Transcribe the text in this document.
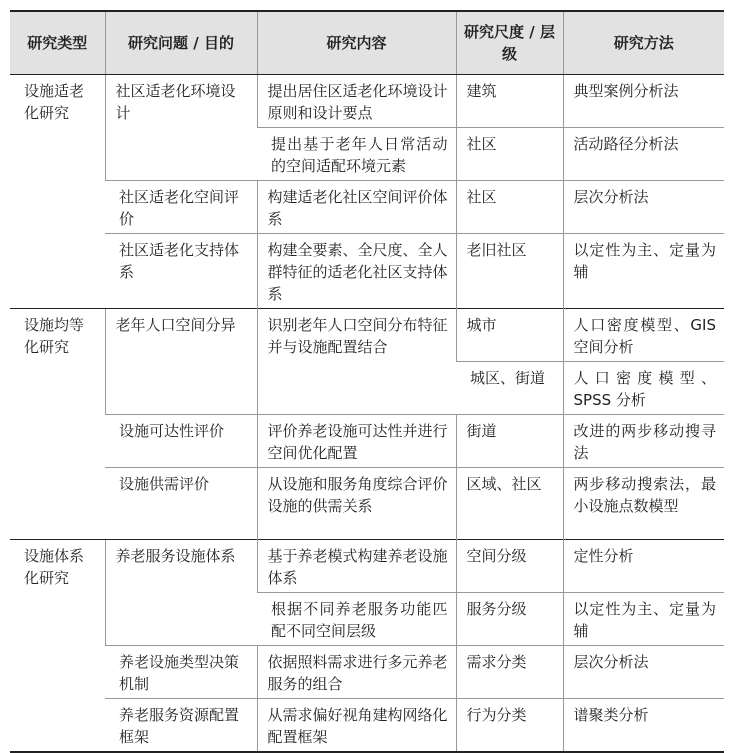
研究类型	研究问题 / 目的	研究内容	研究尺度 / 层级	研究方法
设施适老化研究	社区适老化环境设计	提出居住区适老化环境设计原则和设计要点	建筑	典型案例分析法
		提出基于老年人日常活动的空间适配环境元素	社区	活动路径分析法
	社区适老化空间评价	构建适老化社区空间评价体系	社区	层次分析法
	社区适老化支持体系	构建全要素、全尺度、全人群特征的适老化社区支持体系	老旧社区	以定性为主、定量为辅
设施均等化研究	老年人口空间分异	识别老年人口空间分布特征并与设施配置结合	城市	人口密度模型、GIS 空间分析
			城区、街道	人口密度模型、SPSS 分析
	设施可达性评价	评价养老设施可达性并进行空间优化配置	街道	改进的两步移动搜寻法
	设施供需评价	从设施和服务角度综合评价设施的供需关系	区域、社区	两步移动搜索法，最小设施点数模型
设施体系化研究	养老服务设施体系	基于养老模式构建养老设施体系	空间分级	定性分析
		根据不同养老服务功能匹配不同空间层级	服务分级	以定性为主、定量为辅
	养老设施类型决策机制	依据照料需求进行多元养老服务的组合	需求分类	层次分析法
	养老服务资源配置框架	从需求偏好视角建构网络化配置框架	行为分类	谱聚类分析
